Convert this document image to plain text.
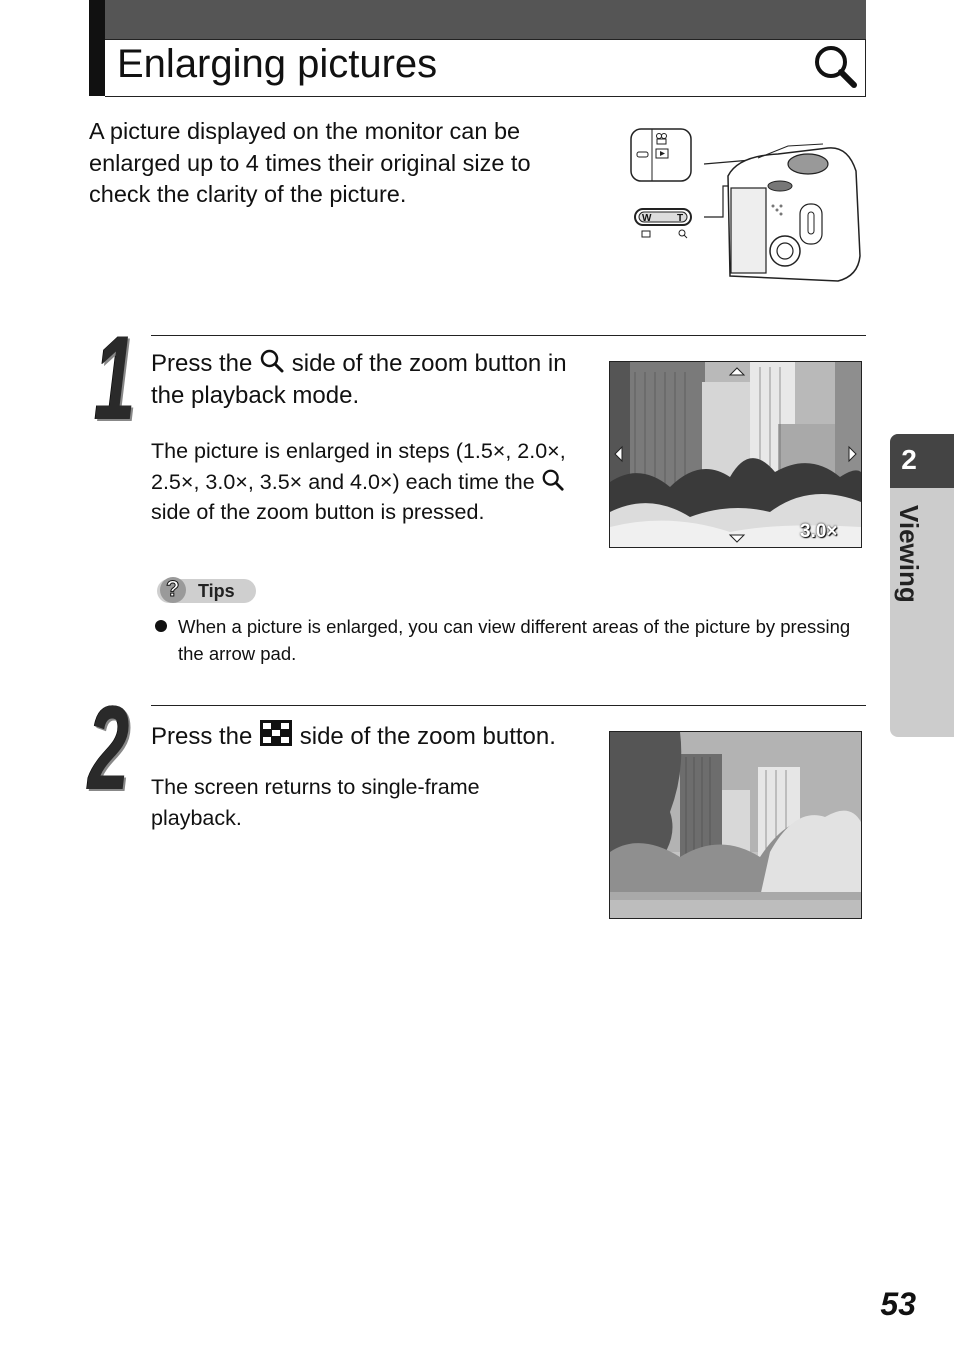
Enlarging pictures
A picture displayed on the monitor can be enlarged up to 4 times their original size to check the clarity of the picture.
W	T
1 Press the side of the zoom button in the playback mode.
The picture is enlarged in steps (1.5×, 2.0×, 2.5×, 3.0×, 3.5× and 4.0×) each time the  side of the zoom button is pressed.
3.0×
? Tips
When a picture is enlarged, you can view different areas of the picture by pressing the arrow pad.
2 Press the side of the zoom button.
The screen returns to single-frame playback.
2
Viewing
53
